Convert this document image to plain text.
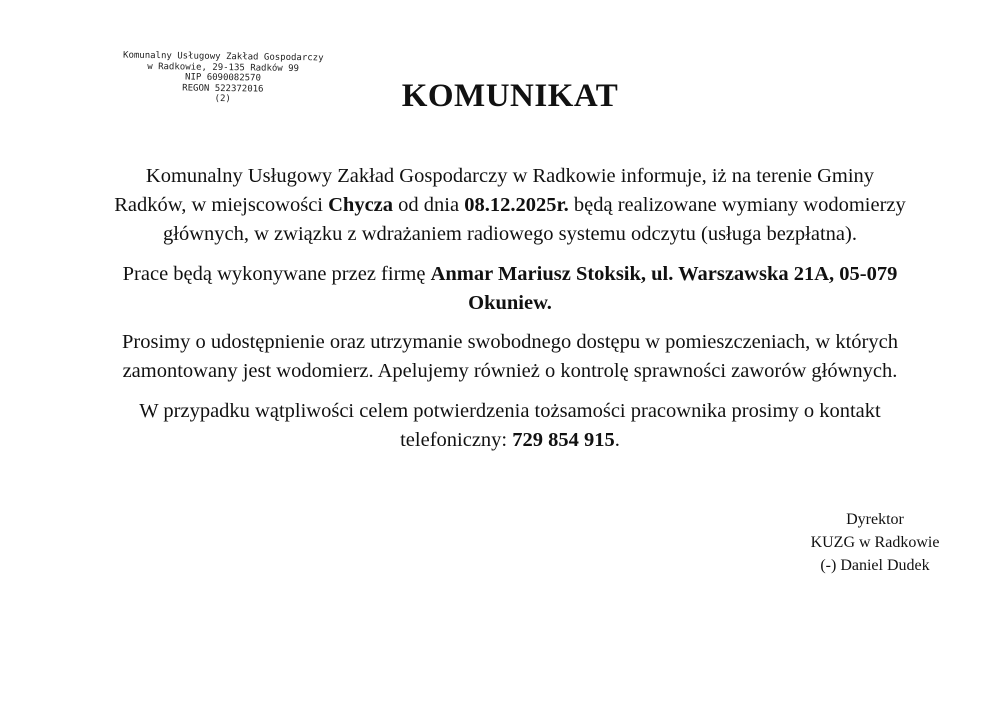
Komunalny Usługowy Zakład Gospodarczy
w Radkowie, 29-135 Radków 99
NIP 6090082570
REGON 522372016
(2)	KOMUNIKAT
Komunalny Usługowy Zakład Gospodarczy w Radkowie informuje, iż na terenie Gminy
Radków, w miejscowości Chycza od dnia 08.12.2025r. będą realizowane wymiany wodomierzy
głównych, w związku z wdrażaniem radiowego systemu odczytu (usługa bezpłatna).
Prace będą wykonywane przez firmę Anmar Mariusz Stoksik, ul. Warszawska 21A, 05-079
Okuniew.
Prosimy o udostępnienie oraz utrzymanie swobodnego dostępu w pomieszczeniach, w których
zamontowany jest wodomierz. Apelujemy również o kontrolę sprawności zaworów głównych.
W przypadku wątpliwości celem potwierdzenia tożsamości pracownika prosimy o kontakt
telefoniczny: 729 854 915.
Dyrektor
KUZG w Radkowie
(-) Daniel Dudek
